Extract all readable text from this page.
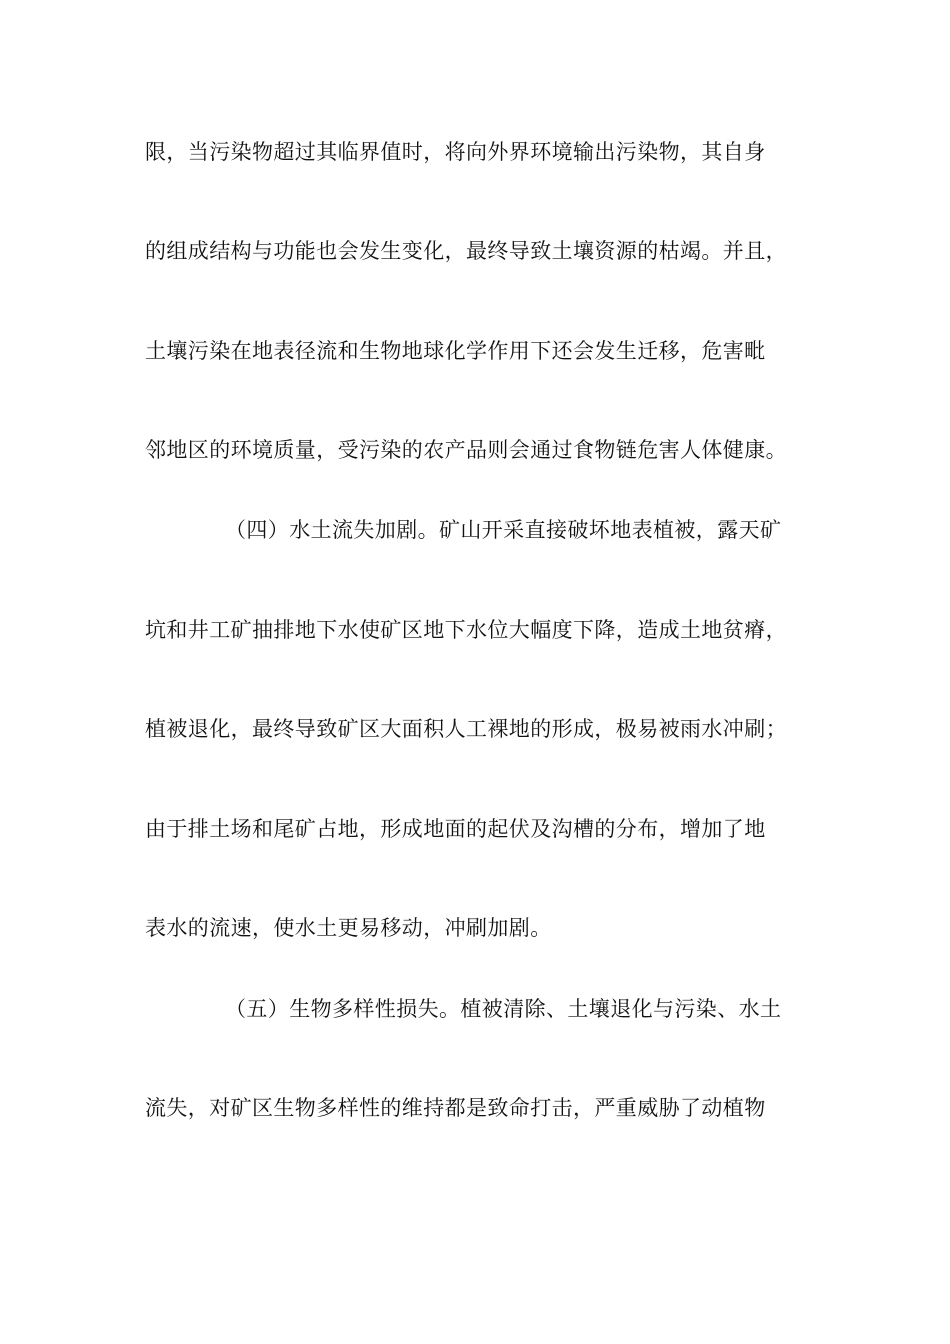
限，当污染物超过其临界值时，将向外界环境输出污染物，其自身
的组成结构与功能也会发生变化，最终导致土壤资源的枯竭。并且，
土壤污染在地表径流和生物地球化学作用下还会发生迁移，危害毗
邻地区的环境质量，受污染的农产品则会通过食物链危害人体健康。
（四）水土流失加剧。矿山开采直接破坏地表植被，露天矿
坑和井工矿抽排地下水使矿区地下水位大幅度下降，造成土地贫瘠，
植被退化，最终导致矿区大面积人工裸地的形成，极易被雨水冲刷；
由于排土场和尾矿占地，形成地面的起伏及沟槽的分布，增加了地
表水的流速，使水土更易移动，冲刷加剧。
（五）生物多样性损失。植被清除、土壤退化与污染、水土
流失，对矿区生物多样性的维持都是致命打击，严重威胁了动植物
